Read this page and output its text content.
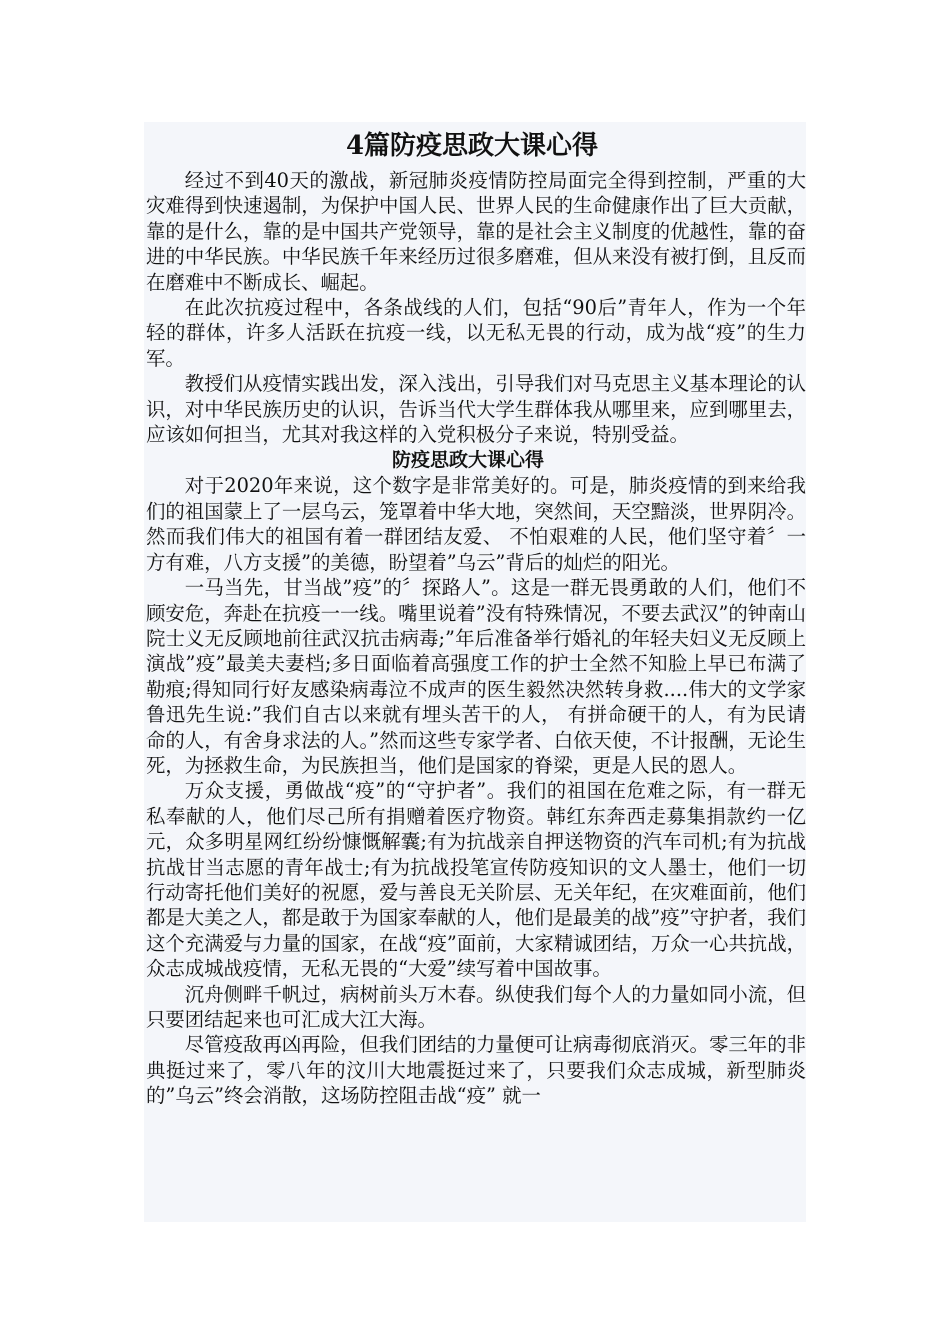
4篇防疫思政大课心得

经过不到40天的激战，新冠肺炎疫情防控局面完全得到控制，严重的大灾难得到快速遏制，为保护中国人民、世界人民的生命健康作出了巨大贡献，靠的是什么，靠的是中国共产党领导，靠的是社会主义制度的优越性，靠的奋进的中华民族。中华民族千年来经历过很多磨难，但从来没有被打倒，且反而在磨难中不断成长、崛起。

在此次抗疫过程中，各条战线的人们，包括“90后”青年人，作为一个年轻的群体，许多人活跃在抗疫一线，以无私无畏的行动，成为战“疫”的生力军。

教授们从疫情实践出发，深入浅出，引导我们对马克思主义基本理论的认识，对中华民族历史的认识，告诉当代大学生群体我从哪里来，应到哪里去，应该如何担当，尤其对我这样的入党积极分子来说，特别受益。

防疫思政大课心得

对于2020年来说，这个数字是非常美好的。可是，肺炎疫情的到来给我们的祖国蒙上了一层乌云，笼罩着中华大地，突然间，天空黯淡，世界阴冷。然而我们伟大的祖国有着一群团结友爱、 不怕艰难的人民，他们坚守着〞一方有难，八方支援”的美德，盼望着”乌云”背后的灿烂的阳光。

一马当先，甘当战”疫”的〞探路人”。这是一群无畏勇敢的人们，他们不顾安危，奔赴在抗疫一一线。嘴里说着”没有特殊情况，不要去武汉”的钟南山院士义无反顾地前往武汉抗击病毒;”年后准备举行婚礼的年轻夫妇义无反顾上演战”疫”最美夫妻档;多日面临着高强度工作的护士全然不知脸上早已布满了勒痕;得知同行好友感染病毒泣不成声的医生毅然决然转身救....伟大的文学家鲁迅先生说:”我们自古以来就有埋头苦干的人， 有拼命硬干的人，有为民请命的人，有舍身求法的人。”然而这些专家学者、白依天使，不计报酬，无论生死，为拯救生命，为民族担当，他们是国家的脊梁，更是人民的恩人。

万众支援，勇做战“疫”的“守护者”。我们的祖国在危难之际，有一群无私奉献的人，他们尽己所有捐赠着医疗物资。韩红东奔西走募集捐款约一亿元，众多明星网红纷纷慷慨解囊;有为抗战亲自押送物资的汽车司机;有为抗战抗战甘当志愿的青年战士;有为抗战投笔宣传防疫知识的文人墨士，他们一切行动寄托他们美好的祝愿，爱与善良无关阶层、无关年纪，在灾难面前，他们都是大美之人，都是敢于为国家奉献的人，他们是最美的战”疫”守护者，我们这个充满爱与力量的国家，在战“疫”面前，大家精诚团结，万众一心共抗战，众志成城战疫情，无私无畏的“大爱”续写着中国故事。

沉舟侧畔千帆过，病树前头万木春。纵使我们每个人的力量如同小流，但只要团结起来也可汇成大江大海。

尽管疫敌再凶再险，但我们团结的力量便可让病毒彻底消灭。零三年的非典挺过来了，零八年的汶川大地震挺过来了，只要我们众志成城，新型肺炎的”乌云”终会消散，这场防控阻击战“疫” 就一
